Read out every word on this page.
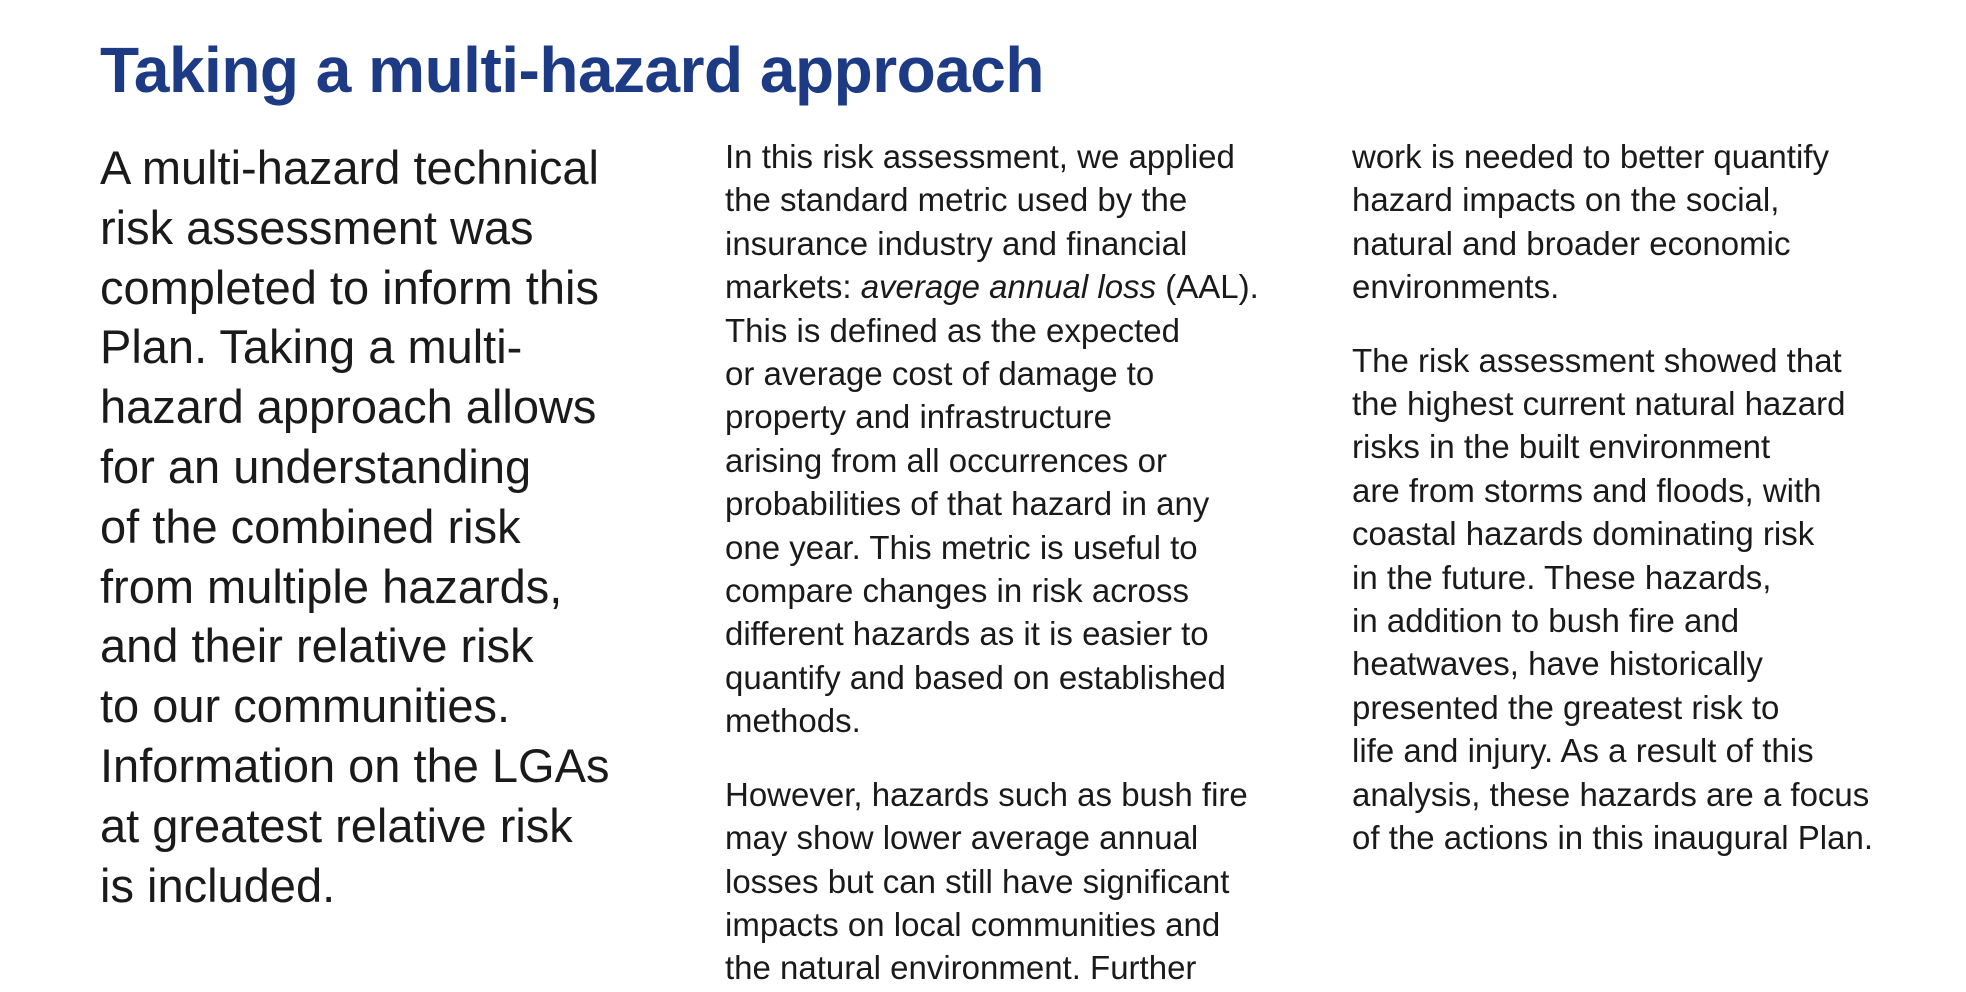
Taking a multi-hazard approach
A multi-hazard technical
risk assessment was
completed to inform this
Plan. Taking a multi-
hazard approach allows
for an understanding
of the combined risk
from multiple hazards,
and their relative risk
to our communities.
Information on the LGAs
at greatest relative risk
is included.

In this risk assessment, we applied
the standard metric used by the
insurance industry and financial
markets: average annual loss (AAL).
This is defined as the expected
or average cost of damage to
property and infrastructure
arising from all occurrences or
probabilities of that hazard in any
one year. This metric is useful to
compare changes in risk across
different hazards as it is easier to
quantify and based on established
methods.

However, hazards such as bush fire
may show lower average annual
losses but can still have significant
impacts on local communities and
the natural environment. Further

work is needed to better quantify
hazard impacts on the social,
natural and broader economic
environments.

The risk assessment showed that
the highest current natural hazard
risks in the built environment
are from storms and floods, with
coastal hazards dominating risk
in the future. These hazards,
in addition to bush fire and
heatwaves, have historically
presented the greatest risk to
life and injury. As a result of this
analysis, these hazards are a focus
of the actions in this inaugural Plan.
